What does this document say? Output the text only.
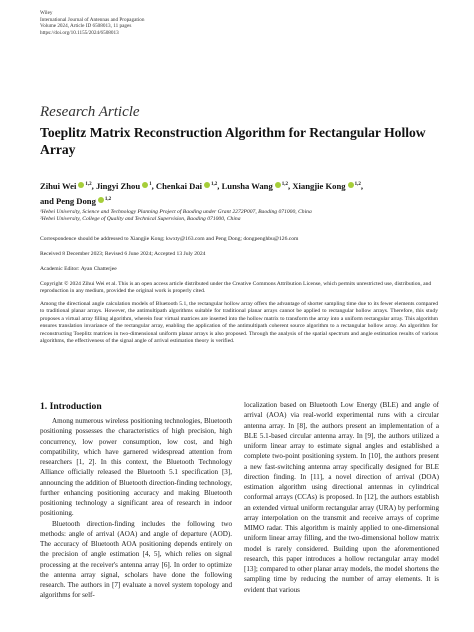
Wiley
International Journal of Antennas and Propagation
Volume 2024, Article ID 6508013, 11 pages
https://doi.org/10.1155/2024/6508013
Research Article
Toeplitz Matrix Reconstruction Algorithm for Rectangular Hollow Array
Zihui Wei $^{1,2}$, Jingyi Zhou $^1$, Chenkai Dai $^{1,2}$, Lunsha Wang $^{1,2}$, Xiangjie Kong $^{1,2}$,
and Peng Dong $^{1,2}$
¹Hebei University, Science and Technology Planning Project of Baoding under Grant 2272P007, Baoding 071000, China
²Hebei University, College of Quality and Technical Supervision, Baoding 071000, China
Correspondence should be addressed to Xiangjie Kong; kwxty@163.com and Peng Dong; dongpenghbu@126.com
Received 8 December 2023; Revised 6 June 2024; Accepted 13 July 2024
Academic Editor: Ayan Chatterjee
Copyright © 2024 Zihui Wei et al. This is an open access article distributed under the Creative Commons Attribution License, which permits unrestricted use, distribution, and reproduction in any medium, provided the original work is properly cited.
Among the directional angle calculation models of Bluetooth 5.1, the rectangular hollow array offers the advantage of shorter sampling time due to its fewer elements compared to traditional planar arrays. However, the antimultipath algorithms suitable for traditional planar arrays cannot be applied to rectangular hollow arrays. Therefore, this study proposes a virtual array filling algorithm, wherein four virtual matrices are inserted into the hollow matrix to transform the array into a uniform rectangular array. This algorithm ensures translation invariance of the rectangular array, enabling the application of the antimultipath coherent source algorithm to a rectangular hollow array. An algorithm for reconstructing Toeplitz matrices in two-dimensional uniform planar arrays is also proposed. Through the analysis of the spatial spectrum and angle estimation results of various algorithms, the effectiveness of the signal angle of arrival estimation theory is verified.
1. Introduction

Among numerous wireless positioning technologies, Bluetooth positioning possesses the characteristics of high precision, high concurrency, low power consumption, low cost, and high compatibility, which have garnered widespread attention from researchers [1, 2]. In this context, the Bluetooth Technology Alliance officially released the Bluetooth 5.1 specification [3], announcing the addition of Bluetooth direction-finding technology, further enhancing positioning accuracy and making Bluetooth positioning technology a significant area of research in indoor positioning.

Bluetooth direction-finding includes the following two methods: angle of arrival (AOA) and angle of departure (AOD). The accuracy of Bluetooth AOA positioning depends entirely on the precision of angle estimation [4, 5], which relies on signal processing at the receiver's antenna array [6]. In order to optimize the antenna array signal, scholars have done the following research. The authors in [7] evaluate a novel system topology and algorithms for self-

localization based on Bluetooth Low Energy (BLE) and angle of arrival (AOA) via real-world experimental runs with a circular antenna array. In [8], the authors present an implementation of a BLE 5.1-based circular antenna array. In [9], the authors utilized a uniform linear array to estimate signal angles and established a complete two-point positioning system. In [10], the authors present a new fast-switching antenna array specifically designed for BLE direction finding. In [11], a novel direction of arrival (DOA) estimation algorithm using directional antennas in cylindrical conformal arrays (CCAs) is proposed. In [12], the authors establish an extended virtual uniform rectangular array (URA) by performing array interpolation on the transmit and receive arrays of coprime MIMO radar. This algorithm is mainly applied to one-dimensional uniform linear array filling, and the two-dimensional hollow matrix model is rarely considered. Building upon the aforementioned research, this paper introduces a hollow rectangular array model [13]; compared to other planar array models, the model shortens the sampling time by reducing the number of array elements. It is evident that various
